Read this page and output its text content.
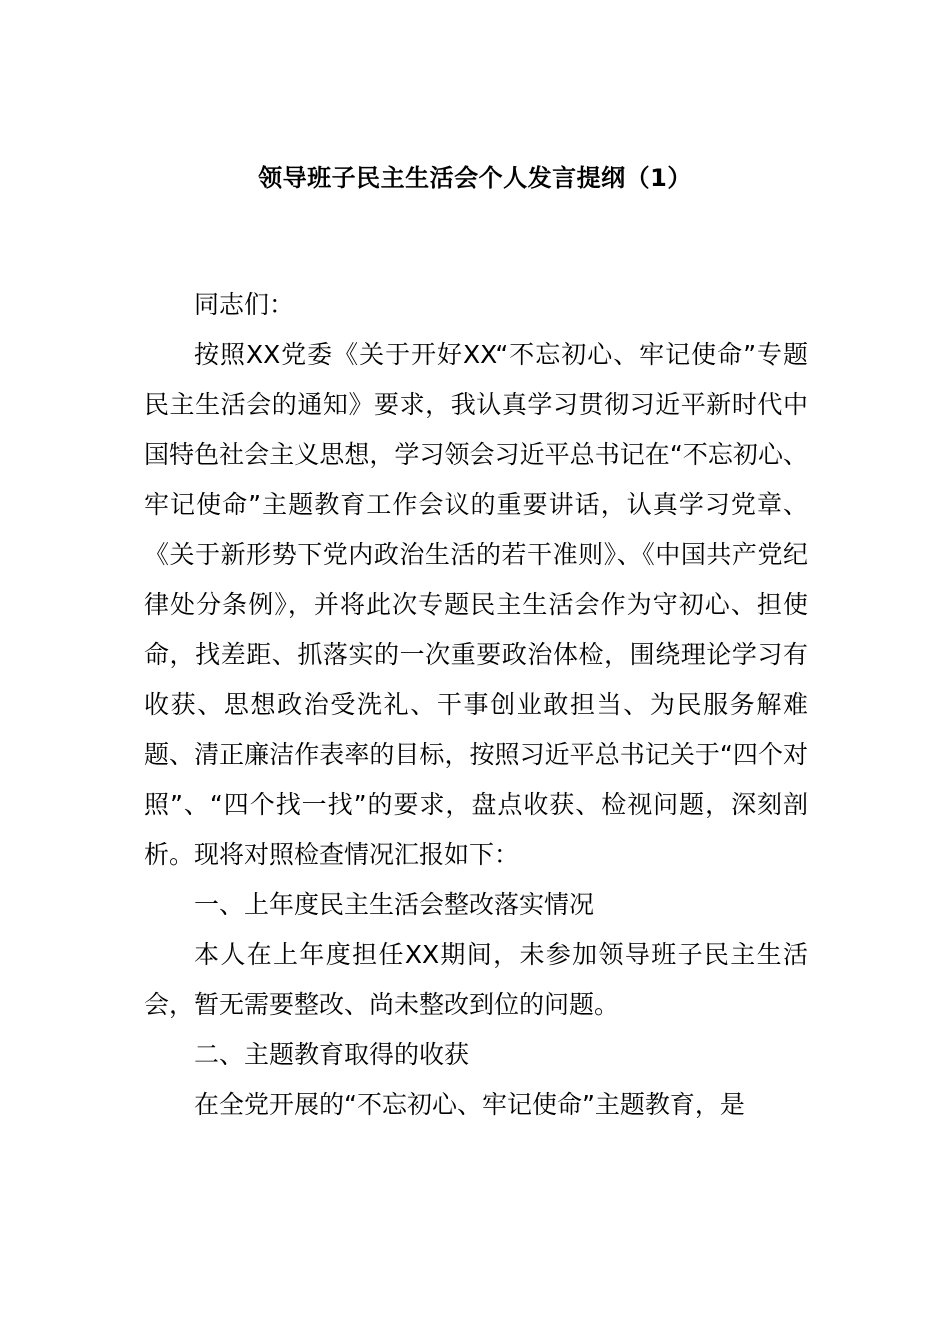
领导班子民主生活会个人发言提纲（1）

同志们：

按照XX党委《关于开好XX“不忘初心、牢记使命”专题民主生活会的通知》要求，我认真学习贯彻习近平新时代中国特色社会主义思想，学习领会习近平总书记在“不忘初心、牢记使命”主题教育工作会议的重要讲话，认真学习党章、《关于新形势下党内政治生活的若干准则》、《中国共产党纪律处分条例》，并将此次专题民主生活会作为守初心、担使命，找差距、抓落实的一次重要政治体检，围绕理论学习有收获、思想政治受洗礼、干事创业敢担当、为民服务解难题、清正廉洁作表率的目标，按照习近平总书记关于“四个对照”、“四个找一找”的要求，盘点收获、检视问题，深刻剖析。现将对照检查情况汇报如下：

一、上年度民主生活会整改落实情况

本人在上年度担任XX期间，未参加领导班子民主生活会，暂无需要整改、尚未整改到位的问题。

二、主题教育取得的收获

在全党开展的“不忘初心、牢记使命”主题教育，是
